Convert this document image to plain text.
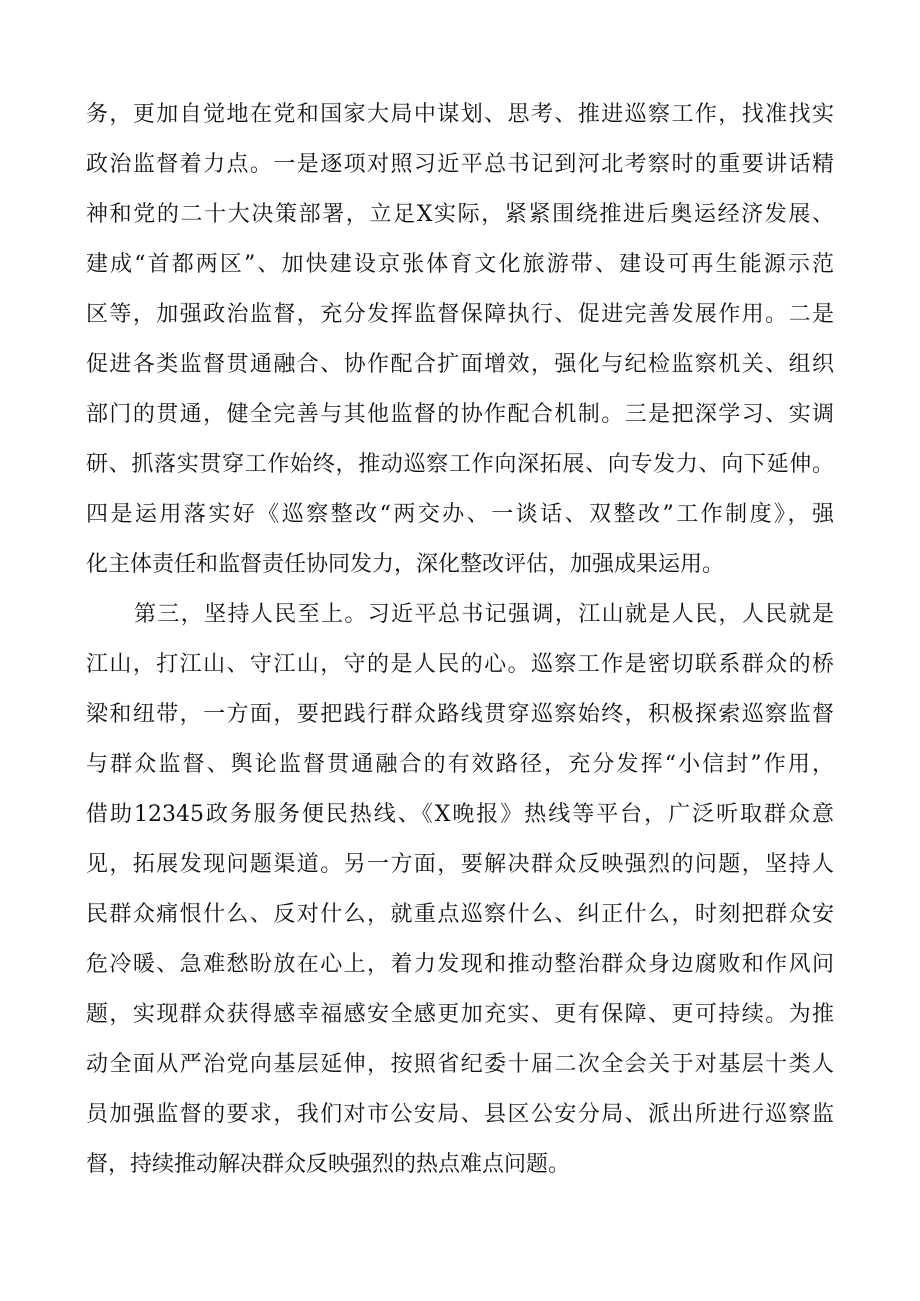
务，更加自觉地在党和国家大局中谋划、思考、推进巡察工作，找准找实
政治监督着力点。一是逐项对照习近平总书记到河北考察时的重要讲话精
神和党的二十大决策部署，立足X实际，紧紧围绕推进后奥运经济发展、
建成“首都两区”、加快建设京张体育文化旅游带、建设可再生能源示范
区等，加强政治监督，充分发挥监督保障执行、促进完善发展作用。二是
促进各类监督贯通融合、协作配合扩面增效，强化与纪检监察机关、组织
部门的贯通，健全完善与其他监督的协作配合机制。三是把深学习、实调
研、抓落实贯穿工作始终，推动巡察工作向深拓展、向专发力、向下延伸。
四是运用落实好《巡察整改“两交办、一谈话、双整改”工作制度》，强
化主体责任和监督责任协同发力，深化整改评估，加强成果运用。
第三，坚持人民至上。习近平总书记强调，江山就是人民，人民就是
江山，打江山、守江山，守的是人民的心。巡察工作是密切联系群众的桥
梁和纽带，一方面，要把践行群众路线贯穿巡察始终，积极探索巡察监督
与群众监督、舆论监督贯通融合的有效路径，充分发挥“小信封”作用，
借助12345政务服务便民热线、《X晚报》热线等平台，广泛听取群众意
见，拓展发现问题渠道。另一方面，要解决群众反映强烈的问题，坚持人
民群众痛恨什么、反对什么，就重点巡察什么、纠正什么，时刻把群众安
危冷暖、急难愁盼放在心上，着力发现和推动整治群众身边腐败和作风问
题，实现群众获得感幸福感安全感更加充实、更有保障、更可持续。为推
动全面从严治党向基层延伸，按照省纪委十届二次全会关于对基层十类人
员加强监督的要求，我们对市公安局、县区公安分局、派出所进行巡察监
督，持续推动解决群众反映强烈的热点难点问题。
